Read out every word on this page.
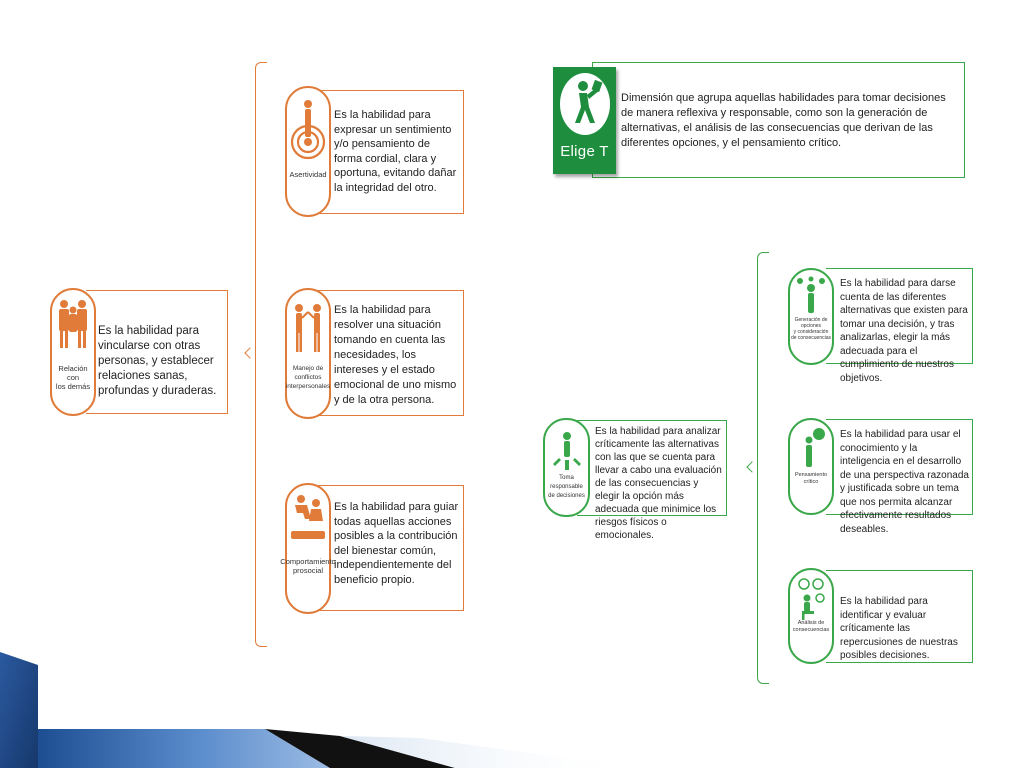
Es la habilidad para vincularse con otras personas, y establecer relaciones sanas, profundas y duraderas.
Relación con
los demás
Es la habilidad para expresar un sentimiento y/o pensamiento de forma cordial, clara y oportuna, evitando dañar la integridad del otro.
Asertividad
Es la habilidad para resolver una situación tomando en cuenta las necesidades, los intereses y el estado emocional de uno mismo y de la otra persona.
Manejo de conflictos
interpersonales
Es la habilidad para guiar todas aquellas acciones posibles a la contribución del bienestar común, independientemente del beneficio propio.
Comportamiento
prosocial
Dimensión que agrupa aquellas habilidades para tomar decisiones de manera reflexiva y responsable, como son la generación de alternativas, el análisis de las consecuencias que derivan de las diferentes opciones, y el pensamiento crítico.
Elige T
Es la habilidad para analizar críticamente las alternativas con las que se cuenta para llevar a cabo una evaluación de las consecuencias y elegir la opción más adecuada que minimice los riesgos físicos o emocionales.
Toma responsable
de decisiones
Es la habilidad para darse cuenta de las diferentes alternativas que existen para tomar una decisión, y tras analizarlas, elegir la más adecuada para el cumplimiento de nuestros objetivos.
Generación de opciones
y consideración
de consecuencias
Es la habilidad para usar el conocimiento y la inteligencia en el desarrollo de una perspectiva razonada y justificada sobre un tema que nos permita alcanzar efectivamente resultados deseables.
Pensamiento
crítico
Es la habilidad para identificar y evaluar críticamente las repercusiones de nuestras posibles decisiones.
Análisis de
consecuencias
